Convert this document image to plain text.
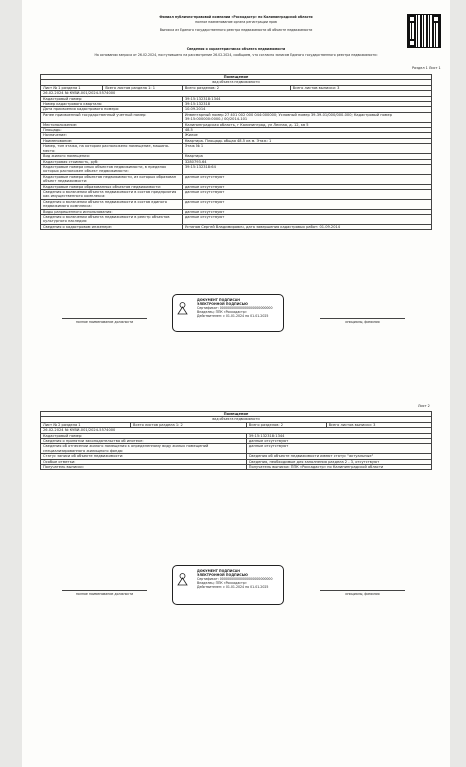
Филиал публично-правовой компании «Роскадастр» по Калининградской области
полное наименование органа регистрации прав
Выписка из Единого государственного реестра недвижимости об объекте недвижимости
Сведения о характеристиках объекта недвижимости
На основании запроса от 26.02.2024, поступившего на рассмотрение 26.02.2024, сообщаем, что согласно записям Единого государственного реестра недвижимости:
Раздел 1 Лист 1
Помещение			
вид объекта недвижимости			
Лист № 1 раздела 1	Всего листов раздела 1: 1	Всего разделов: 2	Всего листов выписки: 3
26.02.2024 № КУВИ-001/2024-5574000			
Кадастровый номер:		39:15:132318:1344	
Номер кадастрового квартала:		39:15:132318	
Дата присвоения кадастрового номера:		10.09.2014	
Ранее присвоенный государственный учетный номер:		Инвентарный номер 27 401 002 000 044:000000; Условный номер 39-39-01/000/000-000; Кадастровый номер 39:15:000000:0000-/ 00/2014-101	
Местоположение:		Калининградская область, г Калининград, ул Лесная, д. 12, кв 5	
Площадь:		48.5	
Назначение:		Жилое	
Наименование:		Квартира. Площадь общая 48.5 кв м. Этаж: 1	
Номер, тип этажа, на котором расположено помещение, машино-место:		Этаж № 1	
Вид жилого помещения:		Квартира	
Кадастровая стоимость, руб:		3280793.64	
Кадастровые номера иных объектов недвижимости, в пределах которых расположен объект недвижимости:		39:15:132318:64	
Кадастровые номера объектов недвижимости, из которых образован объект недвижимости:		данные отсутствуют	
Кадастровые номера образованных объектов недвижимости:		данные отсутствуют	
Сведения о включении объекта недвижимости в состав предприятия как имущественного комплекса:		данные отсутствуют	
Сведения о включении объекта недвижимости в состав единого недвижимого комплекса:		данные отсутствуют	
Виды разрешенного использования:		данные отсутствуют	
Сведения о включении объекта недвижимости в реестр объектов культурного наследия:		данные отсутствуют	
Сведения о кадастровом инженере:		Устинов Сергей Владимирович, дата завершения кадастровых работ: 01.09.2014	
ДОКУМЕНТ ПОДПИСАН
ЭЛЕКТРОННОЙ ПОДПИСЬЮ
Сертификат: 00000000000000000000000000
Владелец: ППК «Роскадастр»
Действителен: с 01.01.2024 по 01.01.2025
полное наименование должности	инициалы, фамилия
Лист 2
Помещение			
вид объекта недвижимости			
Лист № 2 раздела 1	Всего листов раздела 1: 2	Всего разделов: 2	Всего листов выписки: 3
26.02.2024 № КУВИ-001/2024-5574000			
Кадастровый номер:		39:15:132318:1344	
Сведения о принятии законодательства об ипотеке:		данные отсутствуют	
Сведения об отнесении жилого помещения к определенному виду жилых помещений специализированного жилищного фонда:		данные отсутствуют	
Статус записи об объекте недвижимости:		Сведения об объекте недвижимости имеют статус "актуальные"	
Особые отметки:		Сведения, необходимые для заполнения раздела 2 - 3, отсутствуют	
Получатель выписки:		Получатель выписки: ППК «Роскадастр» по Калининградской области	
ДОКУМЕНТ ПОДПИСАН
ЭЛЕКТРОННОЙ ПОДПИСЬЮ
Сертификат: 00000000000000000000000000
Владелец: ППК «Роскадастр»
Действителен: с 01.01.2024 по 01.01.2025
полное наименование должности	инициалы, фамилия
